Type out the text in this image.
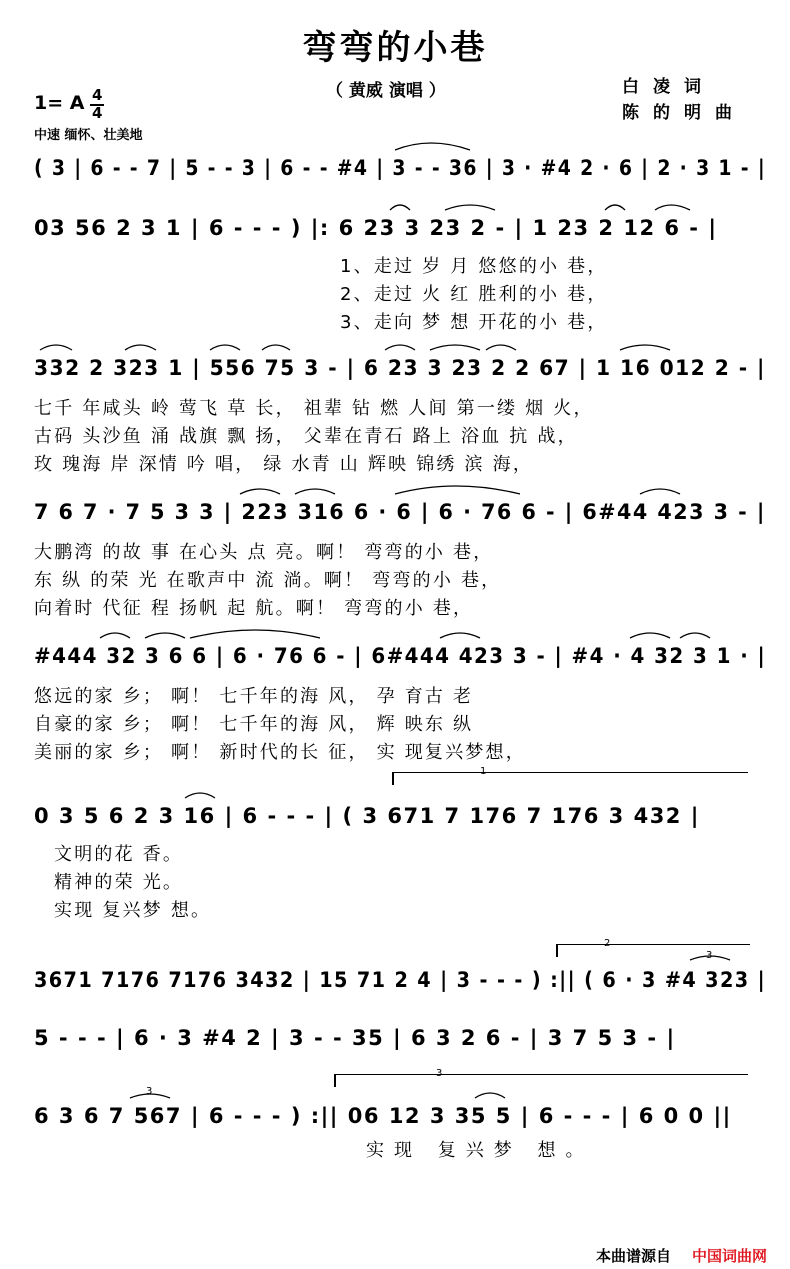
弯弯的小巷
（ 黄威 演唱 ）	白凌词
陈的明曲
1= A 4
4
中速 缅怀、壮美地
( 3 | 6 - - 7 | 5 - - 3 | 6 - - #4 | 3 - - 36 | 3 · #4 2 · 6 | 2 · 3 1 - |
03 56 2 3 1 | 6 - - - ) |: 6 23 3 23 2 - | 1 23 2 12 6 - |
1、走过 岁 月 悠悠的小 巷，
2、走过 火 红 胜利的小 巷，
3、走向 梦 想 开花的小 巷，
332 2 323 1 | 556 75 3 - | 6 23 3 23 2 2 67 | 1 16 012 2 - |
七千 年咸头 岭 莺飞 草 长， 祖辈 钻 燃 人间 第一缕 烟 火，
古码 头沙鱼 涌 战旗 飘 扬， 父辈在青石 路上 浴血 抗 战，
玫 瑰海 岸 深情 吟 唱， 绿 水青 山 辉映 锦绣 滨 海，
7 6 7 · 7 5 3 3 | 223 316 6 · 6 | 6 · 76 6 - | 6#44 423 3 - |
大鹏湾 的故 事 在心头 点 亮。啊！ 弯弯的小 巷，
东 纵 的荣 光 在歌声中 流 淌。啊！ 弯弯的小 巷，
向着时 代征 程 扬帆 起 航。啊！ 弯弯的小 巷，
#444 32 3 6 6 | 6 · 76 6 - | 6#444 423 3 - | #4 · 4 32 3 1 · |
悠远的家 乡； 啊！ 七千年的海 风， 孕 育古 老
自豪的家 乡； 啊！ 七千年的海 风， 辉 映东 纵
美丽的家 乡； 啊！ 新时代的长 征， 实 现复兴梦想，
1
0 3 5 6 2 3 16 | 6 - - - | ( 3 671 7 176 7 176 3 432 |
文明的花 香。
精神的荣 光。
实现 复兴梦 想。
2
3671 7176 7176 3432 | 15 71 2 4 | 3 - - - ) :|| ( 6 · 3 #4 323 |
5 - - - | 6 · 3 #4 2 | 3 - - 35 | 6 3 2 6 - | 3 7 5 3 - |
3
6 3 6 7 567 | 6 - - - ) :|| 06 12 3 35 5 | 6 - - - | 6 0 0 ||
实现 复兴梦 想。
3
3
本曲谱源自 中国词曲网
